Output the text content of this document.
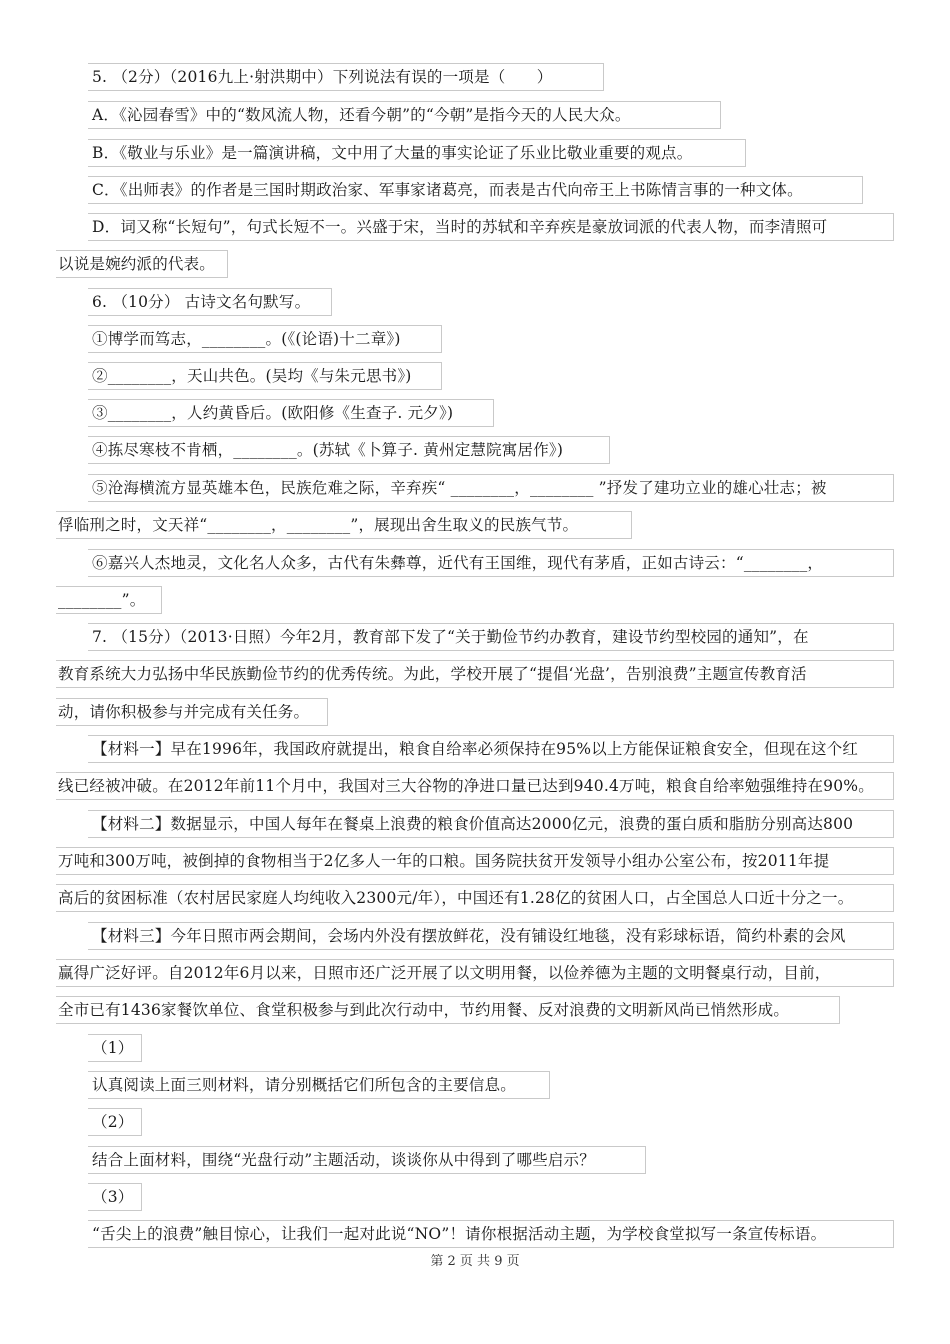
5. （2分）（2016九上·射洪期中）下列说法有误的一项是（　　）
A．《沁园春雪》中的“数风流人物，还看今朝”的“今朝”是指今天的人民大众。
B．《敬业与乐业》是一篇演讲稿，文中用了大量的事实论证了乐业比敬业重要的观点。
C．《出师表》的作者是三国时期政治家、军事家诸葛亮，而表是古代向帝王上书陈情言事的一种文体。
D．词又称“长短句”，句式长短不一。兴盛于宋，当时的苏轼和辛弃疾是豪放词派的代表人物，而李清照可
以说是婉约派的代表。
6. （10分） 古诗文名句默写。
①博学而笃志，________。(《(论语)十二章》)
②________，天山共色。(吴均《与朱元思书》)
③________，人约黄昏后。(欧阳修《生查子. 元夕》)
④拣尽寒枝不肯栖，________。(苏轼《卜算子. 黄州定慧院寓居作》)
⑤沧海横流方显英雄本色，民族危难之际，辛弃疾“ ________，________ ”抒发了建功立业的雄心壮志；被
俘临刑之时，文天祥“________，________”，展现出舍生取义的民族气节。
⑥嘉兴人杰地灵，文化名人众多，古代有朱彝尊，近代有王国维，现代有茅盾，正如古诗云：“________，
________”。
7. （15分）（2013·日照）今年2月，教育部下发了“关于勤俭节约办教育，建设节约型校园的通知”，在
教育系统大力弘扬中华民族勤俭节约的优秀传统。为此，学校开展了“提倡‘光盘’，告别浪费”主题宣传教育活
动，请你积极参与并完成有关任务。
【材料一】早在1996年，我国政府就提出，粮食自给率必须保持在95%以上方能保证粮食安全，但现在这个红
线已经被冲破。在2012年前11个月中，我国对三大谷物的净进口量已达到940.4万吨，粮食自给率勉强维持在90%。
【材料二】数据显示，中国人每年在餐桌上浪费的粮食价值高达2000亿元，浪费的蛋白质和脂肪分别高达800
万吨和300万吨，被倒掉的食物相当于2亿多人一年的口粮。国务院扶贫开发领导小组办公室公布，按2011年提
高后的贫困标准（农村居民家庭人均纯收入2300元/年），中国还有1.28亿的贫困人口，占全国总人口近十分之一。
【材料三】今年日照市两会期间，会场内外没有摆放鲜花，没有铺设红地毯，没有彩球标语，简约朴素的会风
赢得广泛好评。自2012年6月以来，日照市还广泛开展了以文明用餐，以俭养德为主题的文明餐桌行动，目前，
全市已有1436家餐饮单位、食堂积极参与到此次行动中，节约用餐、反对浪费的文明新风尚已悄然形成。
（1）
认真阅读上面三则材料，请分别概括它们所包含的主要信息。
（2）
结合上面材料，围绕“光盘行动”主题活动，谈谈你从中得到了哪些启示？
（3）
“舌尖上的浪费”触目惊心，让我们一起对此说“NO”！请你根据活动主题，为学校食堂拟写一条宣传标语。
第 2 页 共 9 页
